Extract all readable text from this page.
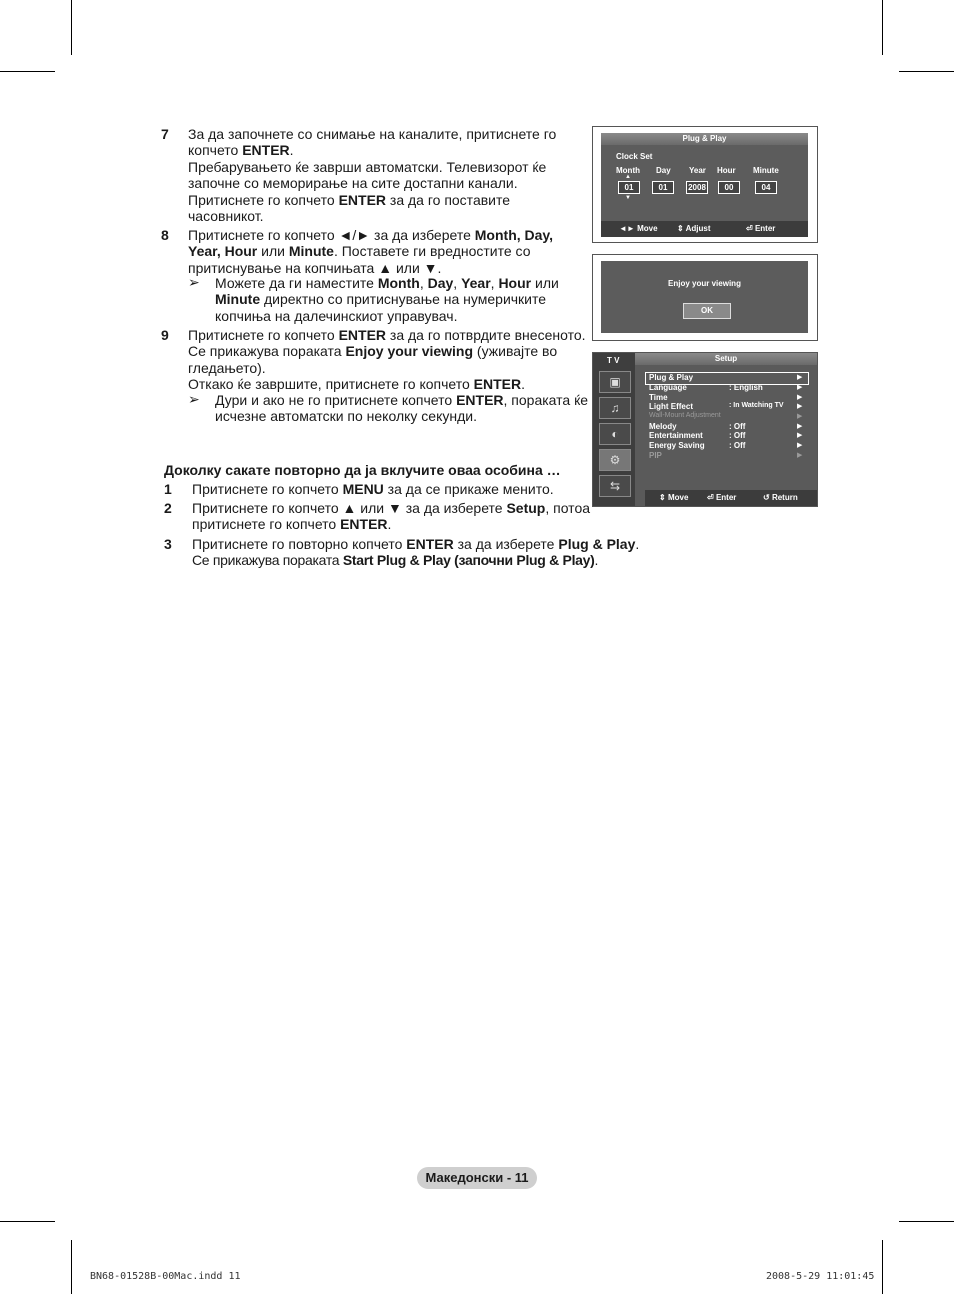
7 За да започнете со снимање на каналите, притиснете го
копчето ENTER.
Пребарувањето ќе заврши автоматски. Телевизорот ќе
започне со меморирање на сите достапни канали.
Притиснете го копчето ENTER за да го поставите
часовникот.
8 Притиснете го копчето ◄/► за да изберете Month, Day,
Year, Hour или Minute. Поставете ги вредностите со
притиснување на копчињата ▲ или ▼.
➢ Можете да ги наместите Month, Day, Year, Hour или
Minute директно со притиснување на нумеричките
копчиња на далечинскиот управувач.
9 Притиснете го копчето ENTER за да го потврдите внесеното.
Се прикажува пораката Enjoy your viewing (уживајте во
гледањето).
Откако ќе завршите, притиснете го копчето ENTER.
➢ Дури и ако не го притиснете копчето ENTER, пораката ќе
исчезне автоматски по неколку секунди.
Доколку сакате повторно да ја вклучите оваа особина …
1 Притиснете го копчето MENU за да се прикаже менито.
2 Притиснете го копчето ▲ или ▼ за да изберете Setup, потоа
притиснете го копчето ENTER.
3 Притиснете го повторно копчето ENTER за да изберете Plug & Play.
Се прикажува пораката Start Plug & Play (започни Plug & Play).
Plug & Play
Clock Set
Month Day Year Hour Minute
▲
01	01	2008	00	04
▼
◄► Move ⇕ Adjust	⏎ Enter
Enjoy your viewing
OK
T V
▣
♫
◐
⚙
⇆
Setup
Plug & Play	▶
Language	: English	▶
Time	▶
Light Effect	: In Watching TV ▶
Wall-Mount Adjustment	▶
Melody	: Off	▶
Entertainment	: Off	▶
Energy Saving	: Off	▶
PIP	▶
⇕ Move ⏎ Enter	↺ Return
Македонски - 11
BN68-01528B-00Mac.indd 11	2008-5-29 11:01:45
